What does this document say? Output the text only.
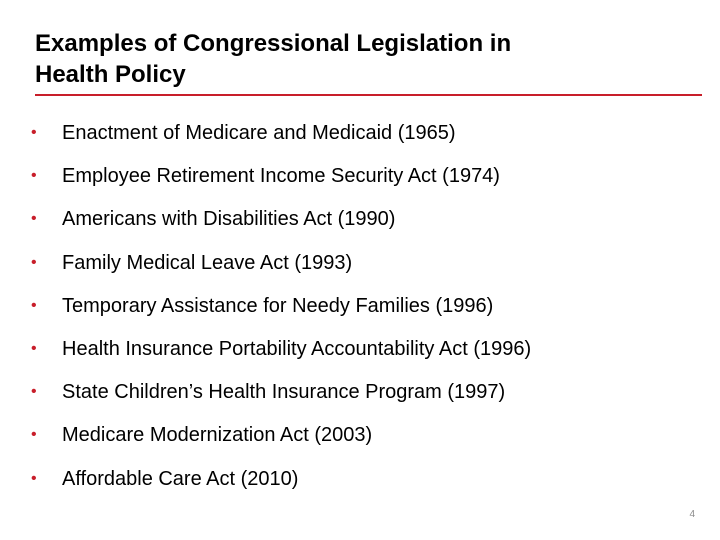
Examples of Congressional Legislation in
Health Policy
•	Enactment of Medicare and Medicaid (1965)
•	Employee Retirement Income Security Act (1974)
•	Americans with Disabilities Act (1990)
•	Family Medical Leave Act (1993)
•	Temporary Assistance for Needy Families (1996)
•	Health Insurance Portability Accountability Act (1996)
•	State Children’s Health Insurance Program (1997)
•	Medicare Modernization Act (2003)
•	Affordable Care Act (2010)
4
